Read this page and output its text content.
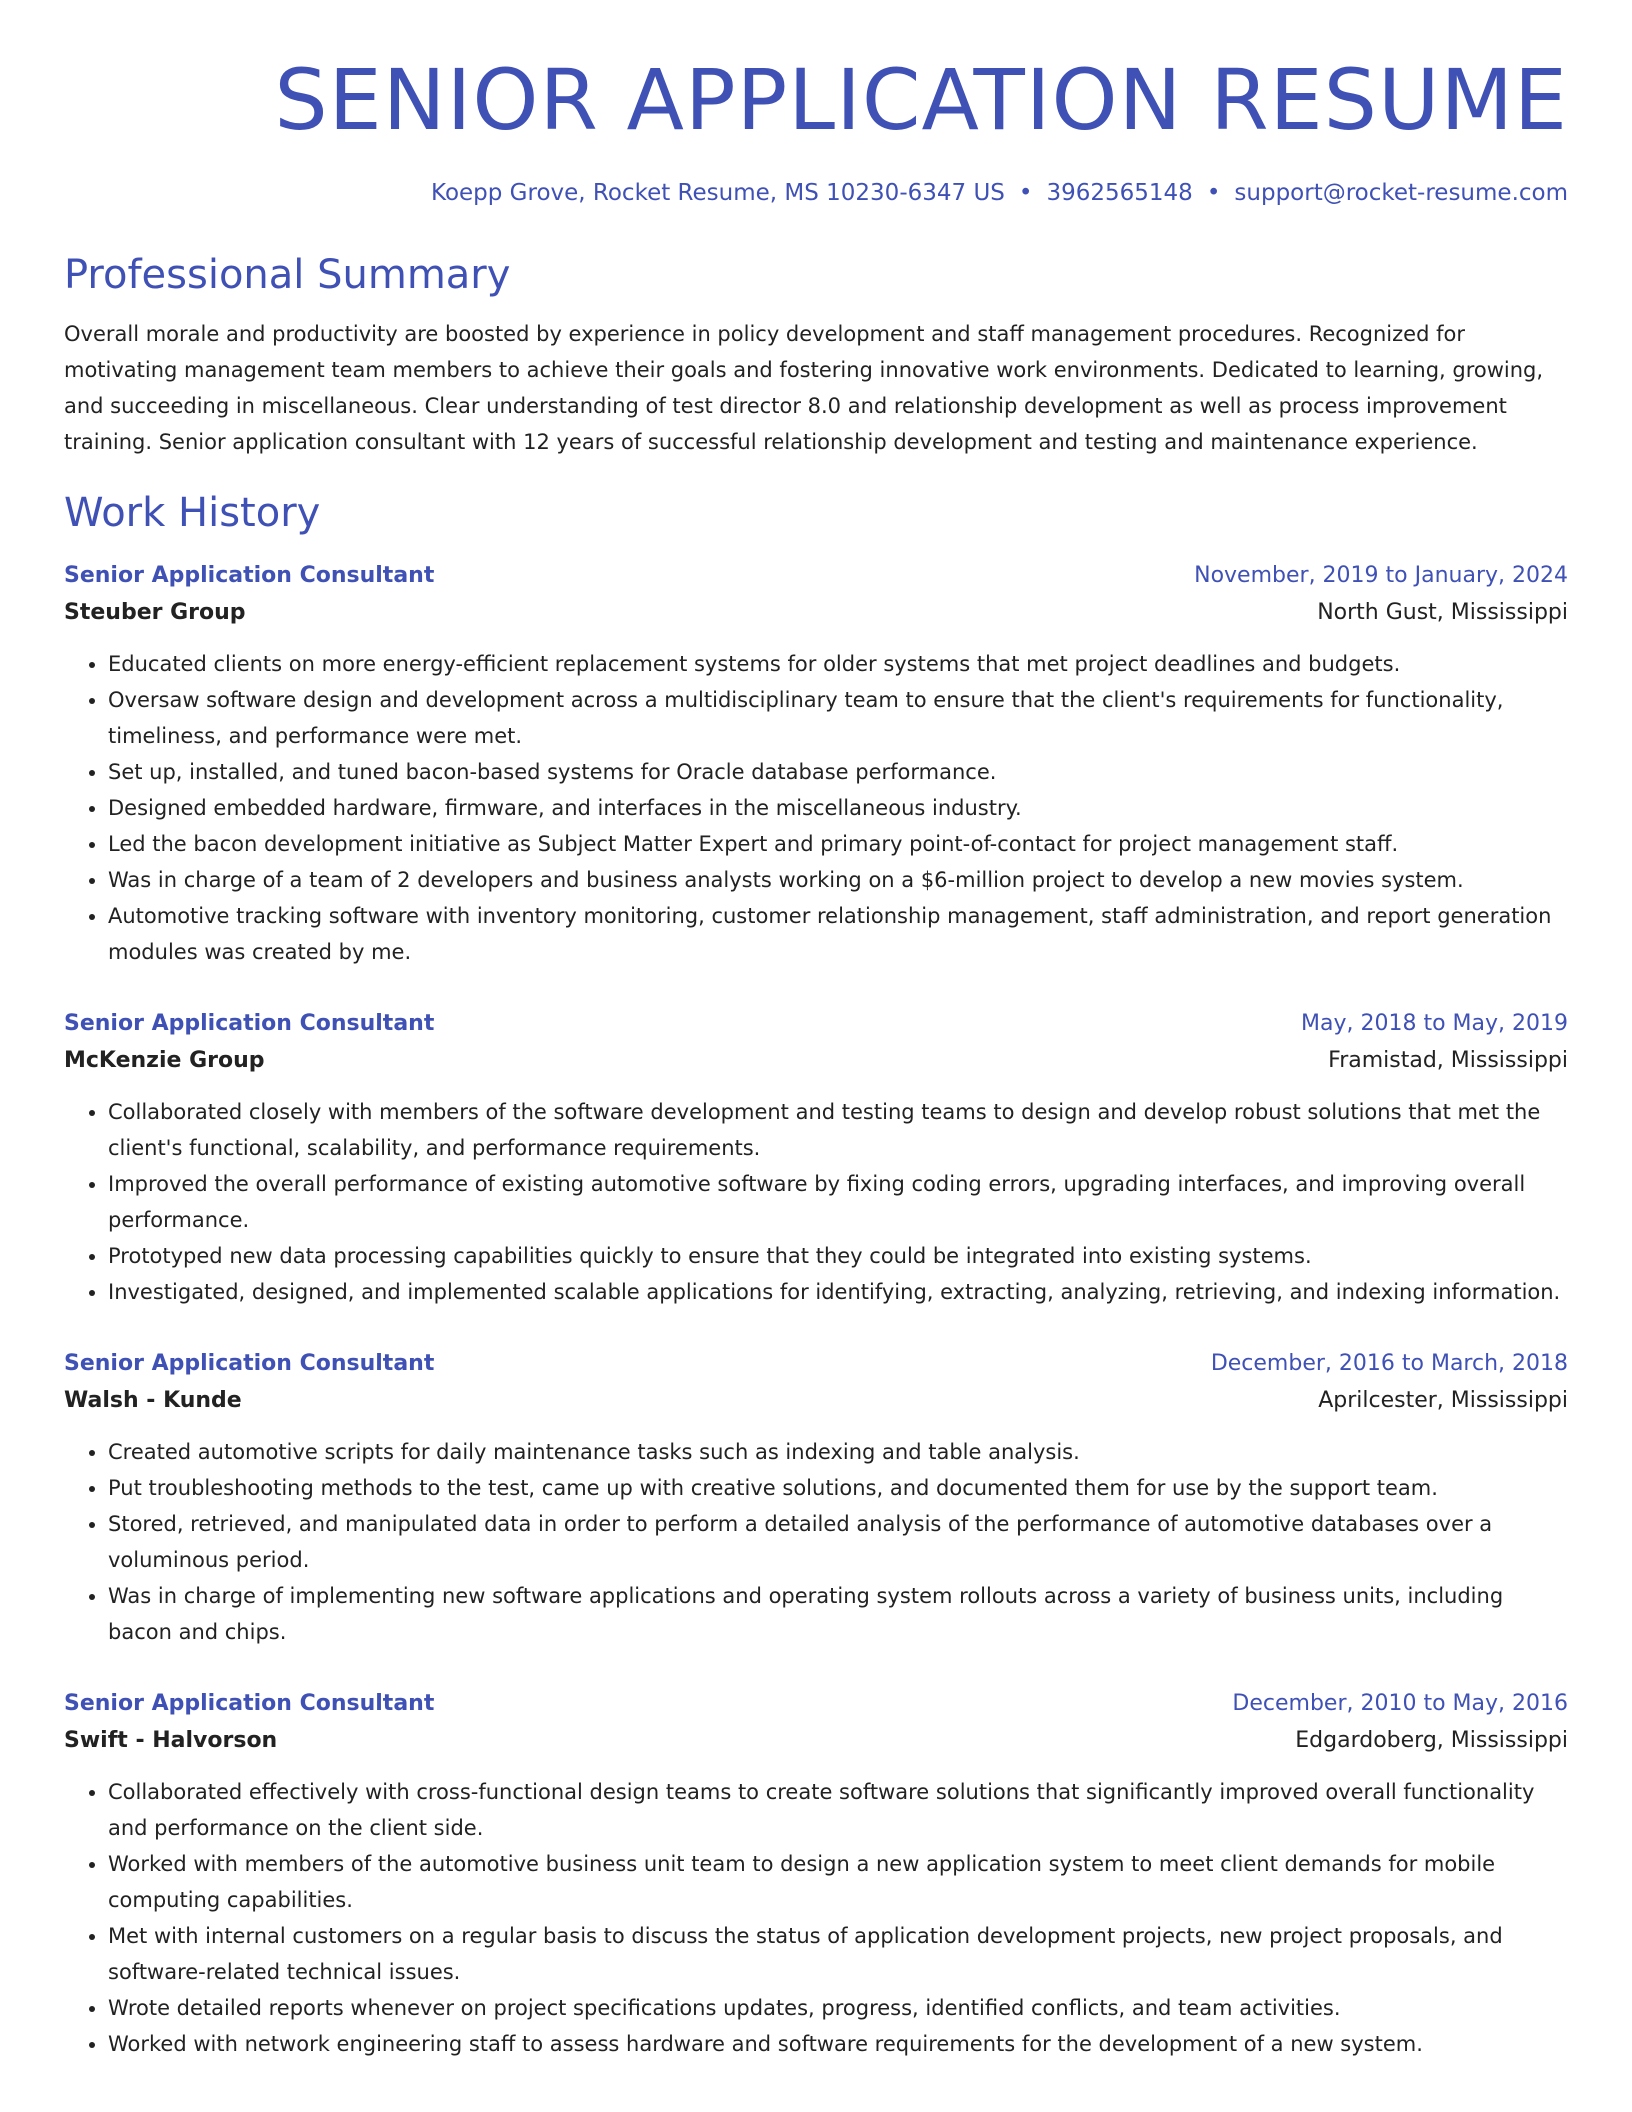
SENIOR APPLICATION RESUME
Koepp Grove, Rocket Resume, MS 10230-6347 US • 3962565148 • support@rocket-resume.com
Professional Summary
Overall morale and productivity are boosted by experience in policy development and staff management procedures. Recognized for motivating management team members to achieve their goals and fostering innovative work environments. Dedicated to learning, growing, and succeeding in miscellaneous. Clear understanding of test director 8.0 and relationship development as well as process improvement training. Senior application consultant with 12 years of successful relationship development and testing and maintenance experience.
Work History
Senior Application Consultant	November, 2019 to January, 2024
Steuber Group	North Gust, Mississippi
• Educated clients on more energy-efficient replacement systems for older systems that met project deadlines and budgets.
• Oversaw software design and development across a multidisciplinary team to ensure that the client's requirements for functionality, timeliness, and performance were met.
• Set up, installed, and tuned bacon-based systems for Oracle database performance.
• Designed embedded hardware, firmware, and interfaces in the miscellaneous industry.
• Led the bacon development initiative as Subject Matter Expert and primary point-of-contact for project management staff.
• Was in charge of a team of 2 developers and business analysts working on a $6-million project to develop a new movies system.
• Automotive tracking software with inventory monitoring, customer relationship management, staff administration, and report generation modules was created by me.
Senior Application Consultant	May, 2018 to May, 2019
McKenzie Group	Framistad, Mississippi
• Collaborated closely with members of the software development and testing teams to design and develop robust solutions that met the client's functional, scalability, and performance requirements.
• Improved the overall performance of existing automotive software by fixing coding errors, upgrading interfaces, and improving overall performance.
• Prototyped new data processing capabilities quickly to ensure that they could be integrated into existing systems.
• Investigated, designed, and implemented scalable applications for identifying, extracting, analyzing, retrieving, and indexing information.
Senior Application Consultant	December, 2016 to March, 2018
Walsh - Kunde	Aprilcester, Mississippi
• Created automotive scripts for daily maintenance tasks such as indexing and table analysis.
• Put troubleshooting methods to the test, came up with creative solutions, and documented them for use by the support team.
• Stored, retrieved, and manipulated data in order to perform a detailed analysis of the performance of automotive databases over a voluminous period.
• Was in charge of implementing new software applications and operating system rollouts across a variety of business units, including bacon and chips.
Senior Application Consultant	December, 2010 to May, 2016
Swift - Halvorson	Edgardoberg, Mississippi
• Collaborated effectively with cross-functional design teams to create software solutions that significantly improved overall functionality and performance on the client side.
• Worked with members of the automotive business unit team to design a new application system to meet client demands for mobile computing capabilities.
• Met with internal customers on a regular basis to discuss the status of application development projects, new project proposals, and software-related technical issues.
• Wrote detailed reports whenever on project specifications updates, progress, identified conflicts, and team activities.
• Worked with network engineering staff to assess hardware and software requirements for the development of a new system.
